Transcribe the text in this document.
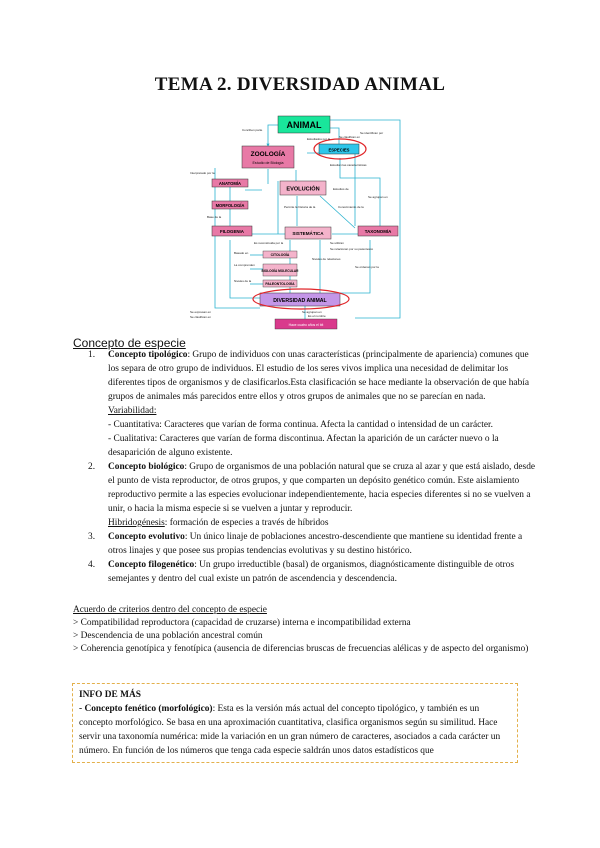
TEMA 2. DIVERSIDAD ANIMAL
ANIMAL
ZOOLOGÍA
Estudio de Biología
ESPECIES
ANATOMÍA
MORFOLOGÍA
EVOLUCIÓN
FILOGENIA	SISTEMÁTICA	TAXONOMÍA
CITOLOGÍA
BIOLOGÍA MOLECULAR
PALEONTOLOGÍA
DIVERSIDAD ANIMAL
Hace cuatro años el bit
Conciben parte
Estudiados por la
Se identifican por
Interpretado por la
Estudian las características
Base de la
Permite la historia de la
Se agrupan en
Es reconstruida por la	Se utilizan
Basado en
Niveles de relaciones
Se relacionan por su parentesco
La comprenden
Niveles de la
Se expresan en
Se clasifican en
Se ordenan por la
Se agrupan en
Estudios de
Conocimiento de la
Se clasifican en
Es el nombre
Concepto de especie
1. Concepto tipológico: Grupo de individuos con unas características (principalmente de apariencia) comunes que los separa de otro grupo de individuos. El estudio de los seres vivos implica una necesidad de delimitar los diferentes tipos de organismos y de clasificarlos.Esta clasificación se hace mediante la observación de que había grupos de animales más parecidos entre ellos y otros grupos de animales que no se parecían en nada.
Variabilidad:
- Cuantitativa: Caracteres que varían de forma continua. Afecta la cantidad o intensidad de un carácter.
- Cualitativa: Caracteres que varían de forma discontinua. Afectan la aparición de un carácter nuevo o la desaparición de alguno existente.
2. Concepto biológico: Grupo de organismos de una población natural que se cruza al azar y que está aislado, desde el punto de vista reproductor, de otros grupos, y que comparten un depósito genético común. Este aislamiento reproductivo permite a las especies evolucionar independientemente, hacia especies diferentes si no se vuelven a unir, o hacia la misma especie si se vuelven a juntar y reproducir.
Hibridogénesis: formación de especies a través de híbridos
3. Concepto evolutivo: Un único linaje de poblaciones ancestro-descendiente que mantiene su identidad frente a otros linajes y que posee sus propias tendencias evolutivas y su destino histórico.
4. Concepto filogenético: Un grupo irreductible (basal) de organismos, diagnósticamente distinguible de otros semejantes y dentro del cual existe un patrón de ascendencia y descendencia.
Acuerdo de criterios dentro del concepto de especie
> Compatibilidad reproductora (capacidad de cruzarse) interna e incompatibilidad externa
> Descendencia de una población ancestral común
> Coherencia genotípica y fenotípica (ausencia de diferencias bruscas de frecuencias alélicas y de aspecto del organismo)
INFO DE MÁS
- Concepto fenético (morfológico): Esta es la versión más actual del concepto tipológico, y también es un concepto morfológico. Se basa en una aproximación cuantitativa, clasifica organismos según su similitud. Hace servir una taxonomía numérica: mide la variación en un gran número de caracteres, asociados a cada carácter un número. En función de los números que tenga cada especie saldrán unos datos estadísticos que
